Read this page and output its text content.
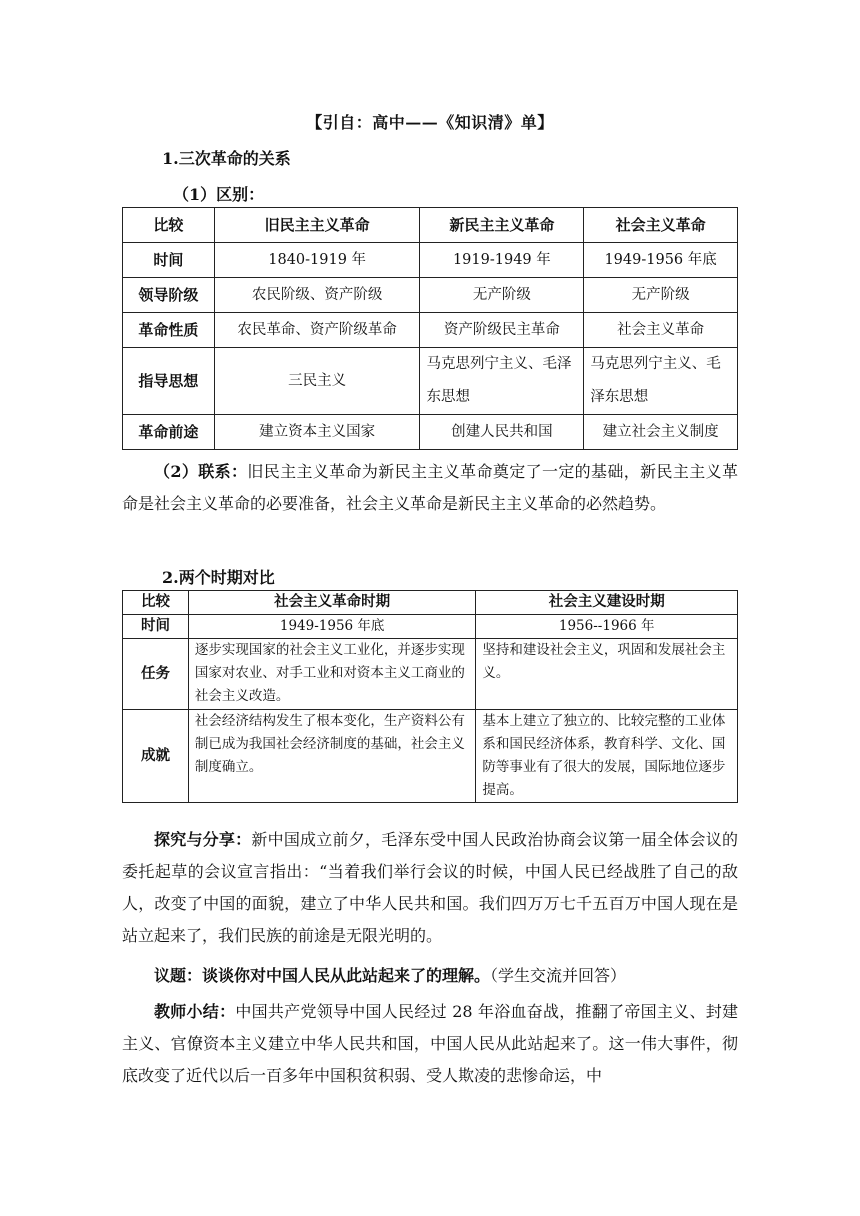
【引自：高中——《知识清》单】
1.三次革命的关系
（1）区别：
比较	旧民主主义革命	新民主主义革命	社会主义革命
时间	1840-1919 年	1919-1949 年	1949-1956 年底
领导阶级	农民阶级、资产阶级	无产阶级	无产阶级
革命性质	农民革命、资产阶级革命	资产阶级民主革命	社会主义革命
指导思想	三民主义	马克思列宁主义、毛泽东思想	马克思列宁主义、毛泽东思想
革命前途	建立资本主义国家	创建人民共和国	建立社会主义制度

（2）联系：旧民主主义革命为新民主主义革命奠定了一定的基础，新民主主义革命是社会主义革命的必要准备，社会主义革命是新民主主义革命的必然趋势。

2.两个时期对比
比较	社会主义革命时期	社会主义建设时期
时间	1949-1956 年底	1956--1966 年
任务	逐步实现国家的社会主义工业化，并逐步实现国家对农业、对手工业和对资本主义工商业的社会主义改造。	坚持和建设社会主义，巩固和发展社会主义。
成就	社会经济结构发生了根本变化，生产资料公有制已成为我国社会经济制度的基础，社会主义制度确立。	基本上建立了独立的、比较完整的工业体系和国民经济体系，教育科学、文化、国防等事业有了很大的发展，国际地位逐步提高。

探究与分享：新中国成立前夕，毛泽东受中国人民政治协商会议第一届全体会议的委托起草的会议宣言指出：“当着我们举行会议的时候，中国人民已经战胜了自己的敌人，改变了中国的面貌，建立了中华人民共和国。我们四万万七千五百万中国人现在是站立起来了，我们民族的前途是无限光明的。

议题：谈谈你对中国人民从此站起来了的理解。（学生交流并回答）

教师小结：中国共产党领导中国人民经过 28 年浴血奋战，推翻了帝国主义、封建主义、官僚资本主义建立中华人民共和国，中国人民从此站起来了。这一伟大事件，彻底改变了近代以后一百多年中国积贫积弱、受人欺凌的悲惨命运，中
